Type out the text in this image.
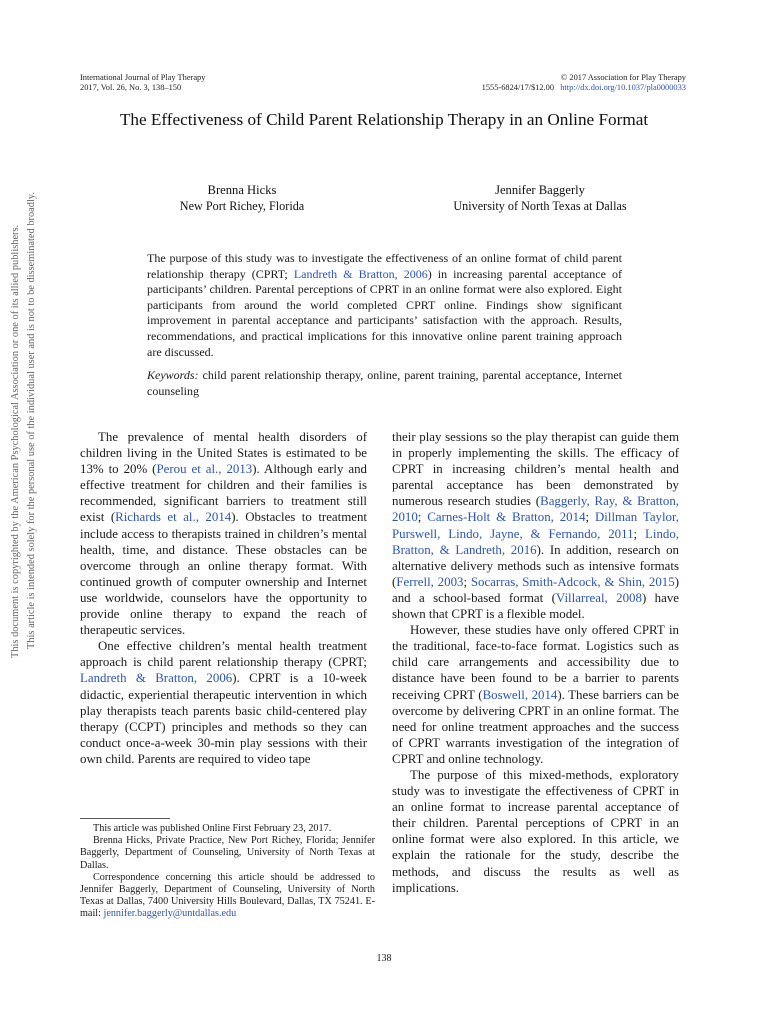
International Journal of Play Therapy
2017, Vol. 26, No. 3, 138–150
© 2017 Association for Play Therapy
1555-6824/17/$12.00 http://dx.doi.org/10.1037/pla0000033
The Effectiveness of Child Parent Relationship Therapy in an Online Format
Brenna Hicks
New Port Richey, Florida
Jennifer Baggerly
University of North Texas at Dallas
The purpose of this study was to investigate the effectiveness of an online format of child parent relationship therapy (CPRT; Landreth & Bratton, 2006) in increasing parental acceptance of participants’ children. Parental perceptions of CPRT in an online format were also explored. Eight participants from around the world completed CPRT online. Findings show significant improvement in parental acceptance and participants’ satisfaction with the approach. Results, recommendations, and practical implications for this innovative online parent training approach are discussed.
Keywords: child parent relationship therapy, online, parent training, parental acceptance, Internet counseling

The prevalence of mental health disorders of children living in the United States is estimated to be 13% to 20% (Perou et al., 2013). Although early and effective treatment for children and their families is recommended, significant barriers to treatment still exist (Richards et al., 2014). Obstacles to treatment include access to therapists trained in children’s mental health, time, and distance. These obstacles can be overcome through an online therapy format. With continued growth of computer ownership and Internet use worldwide, counselors have the opportunity to provide online therapy to expand the reach of therapeutic services.

One effective children’s mental health treatment approach is child parent relationship therapy (CPRT; Landreth & Bratton, 2006). CPRT is a 10-week didactic, experiential therapeutic intervention in which play therapists teach parents basic child-centered play therapy (CCPT) principles and methods so they can conduct once-a-week 30-min play sessions with their own child. Parents are required to video tape

their play sessions so the play therapist can guide them in properly implementing the skills. The efficacy of CPRT in increasing children’s mental health and parental acceptance has been demonstrated by numerous research studies (Baggerly, Ray, & Bratton, 2010; Carnes-Holt & Bratton, 2014; Dillman Taylor, Purswell, Lindo, Jayne, & Fernando, 2011; Lindo, Bratton, & Landreth, 2016). In addition, research on alternative delivery methods such as intensive formats (Ferrell, 2003; Socarras, Smith-Adcock, & Shin, 2015) and a school-based format (Villarreal, 2008) have shown that CPRT is a flexible model.

However, these studies have only offered CPRT in the traditional, face-to-face format. Logistics such as child care arrangements and accessibility due to distance have been found to be a barrier to parents receiving CPRT (Boswell, 2014). These barriers can be overcome by delivering CPRT in an online format. The need for online treatment approaches and the success of CPRT warrants investigation of the integration of CPRT and online technology.

The purpose of this mixed-methods, exploratory study was to investigate the effectiveness of CPRT in an online format to increase parental acceptance of their children. Parental perceptions of CPRT in an online format were also explored. In this article, we explain the rationale for the study, describe the methods, and discuss the results as well as implications.

This article was published Online First February 23, 2017.

Brenna Hicks, Private Practice, New Port Richey, Florida; Jennifer Baggerly, Department of Counseling, University of North Texas at Dallas.

Correspondence concerning this article should be addressed to Jennifer Baggerly, Department of Counseling, University of North Texas at Dallas, 7400 University Hills Boulevard, Dallas, TX 75241. E-mail: jennifer.baggerly@untdallas.edu

138
This document is copyrighted by the American Psychological Association or one of its allied publishers. This article is intended solely for the personal use of the individual user and is not to be disseminated broadly.
